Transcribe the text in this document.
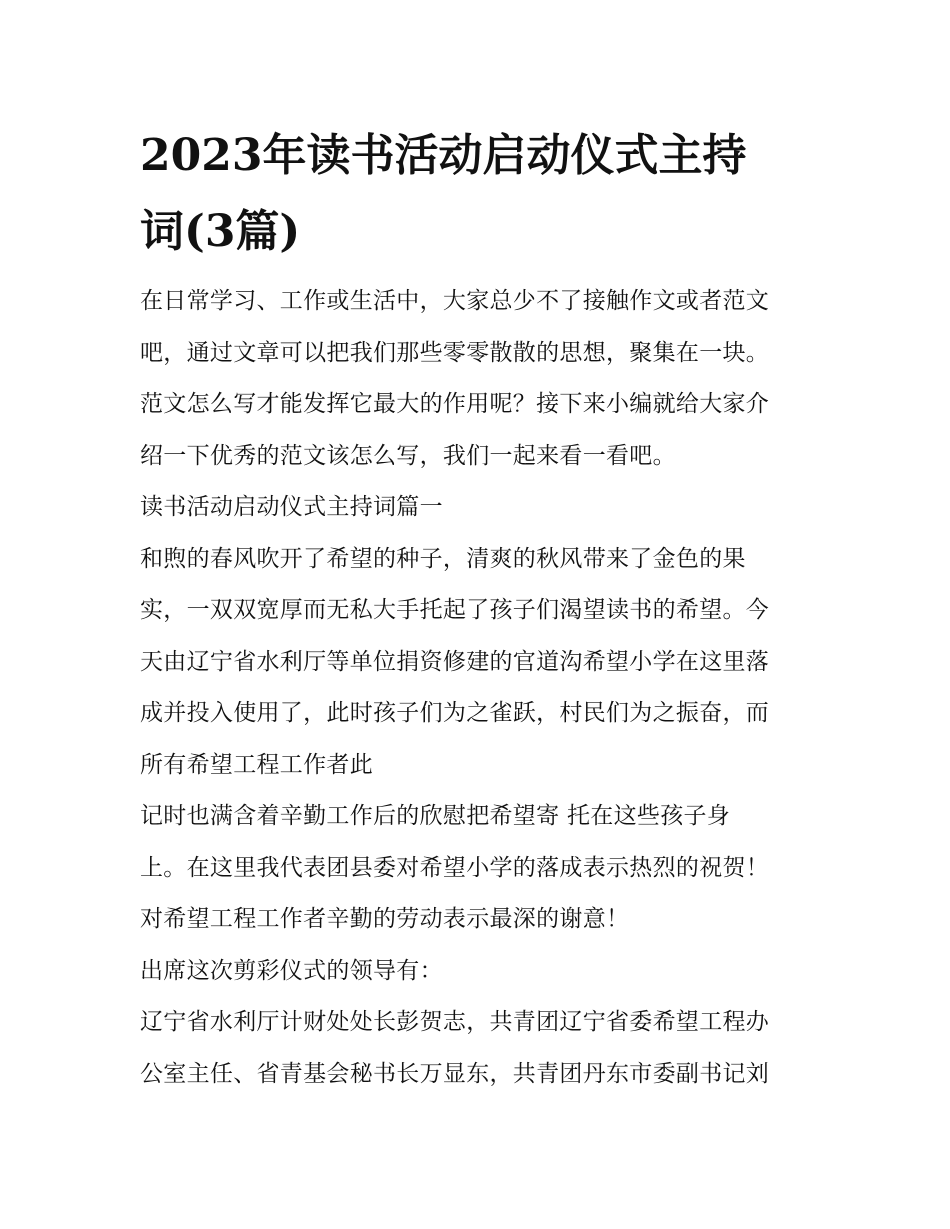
2023年读书活动启动仪式主持
词(3篇)
在日常学习、工作或生活中，大家总少不了接触作文或者范文
吧，通过文章可以把我们那些零零散散的思想，聚集在一块。
范文怎么写才能发挥它最大的作用呢？接下来小编就给大家介
绍一下优秀的范文该怎么写，我们一起来看一看吧。
读书活动启动仪式主持词篇一
和煦的春风吹开了希望的种子，清爽的秋风带来了金色的果
实，一双双宽厚而无私大手托起了孩子们渴望读书的希望。今
天由辽宁省水利厅等单位捐资修建的官道沟希望小学在这里落
成并投入使用了，此时孩子们为之雀跃，村民们为之振奋，而
所有希望工程工作者此
记时也满含着辛勤工作后的欣慰把希望寄 托在这些孩子身
上。在这里我代表团县委对希望小学的落成表示热烈的祝贺！
对希望工程工作者辛勤的劳动表示最深的谢意！
出席这次剪彩仪式的领导有：
辽宁省水利厅计财处处长彭贺志，共青团辽宁省委希望工程办
公室主任、省青基会秘书长万显东，共青团丹东市委副书记刘
